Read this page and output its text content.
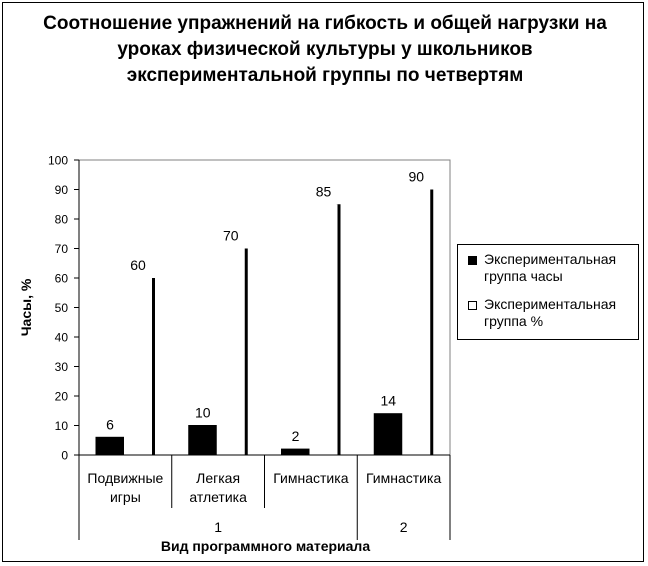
Соотношение упражнений на гибкость и общей нагрузки на уроках физической культуры у школьников экспериментальной группы по четвертям
0
10
20
30
40
50
60
70
80
90
100
Часы, %
Подвижные игры
Легкая атлетика
Гимнастика Гимнастика
1	2
Вид программного материала
6
60
10
70
2
85
14
90
Экспериментальная группа часы
Экспериментальная группа %
